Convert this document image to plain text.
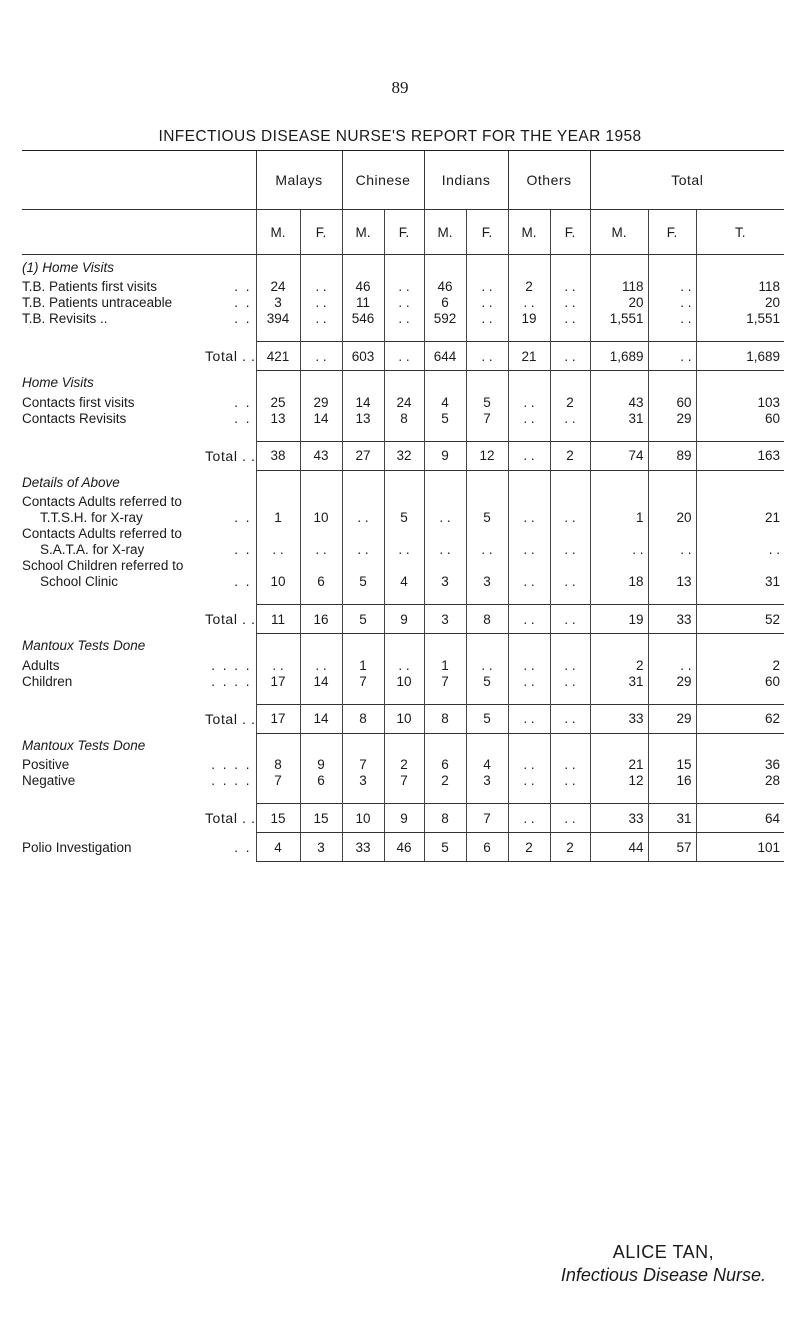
89
INFECTIOUS DISEASE NURSE'S REPORT FOR THE YEAR 1958
	Malays		Chinese		Indians		Others		Total		
	M.	F.	M.	F.	M.	F.	M.	F.	M.	F.	T.
(1) Home Visits											
T.B. Patients first visits . .	24	. .	46	. .	46	. .	2	. .	118	. .	118
T.B. Patients untraceable . .	3	. .	11	. .	6	. .	. .	. .	20	. .	20
T.B. Revisits .. . .	394	. .	546	. .	592	. .	19	. .	1,551	. .	1,551

Total . .	421	. .	603	. .	644	. .	21	. .	1,689	. .	1,689
Home Visits											
Contacts first visits . .	25	29	14	24	4	5	. .	2	43	60	103
Contacts Revisits . .	13	14	13	8	5	7	. .	. .	31	29	60

Total . .	38	43	27	32	9	12	. .	2	74	89	163
Details of Above											
Contacts Adults referred to											
T.T.S.H. for X-ray . .	1	10	. .	5	. .	5	. .	. .	1	20	21
Contacts Adults referred to											
S.A.T.A. for X-ray . .	. .	. .	. .	. .	. .	. .	. .	. .	. .	. .	. .
School Children referred to											
School Clinic . .	10	6	5	4	3	3	. .	. .	18	13	31

Total . .	11	16	5	9	3	8	. .	. .	19	33	52
Mantoux Tests Done											
Adults . . . .	. .	. .	1	. .	1	. .	. .	. .	2	. .	2
Children . . . .	17	14	7	10	7	5	. .	. .	31	29	60

Total . .	17	14	8	10	8	5	. .	. .	33	29	62
Mantoux Tests Done											
Positive . . . .	8	9	7	2	6	4	. .	. .	21	15	36
Negative . . . .	7	6	3	7	2	3	. .	. .	12	16	28

Total . .	15	15	10	9	8	7	. .	. .	33	31	64
Polio Investigation . .	4	3	33	46	5	6	2	2	44	57	101
ALICE TAN,
Infectious Disease Nurse.
